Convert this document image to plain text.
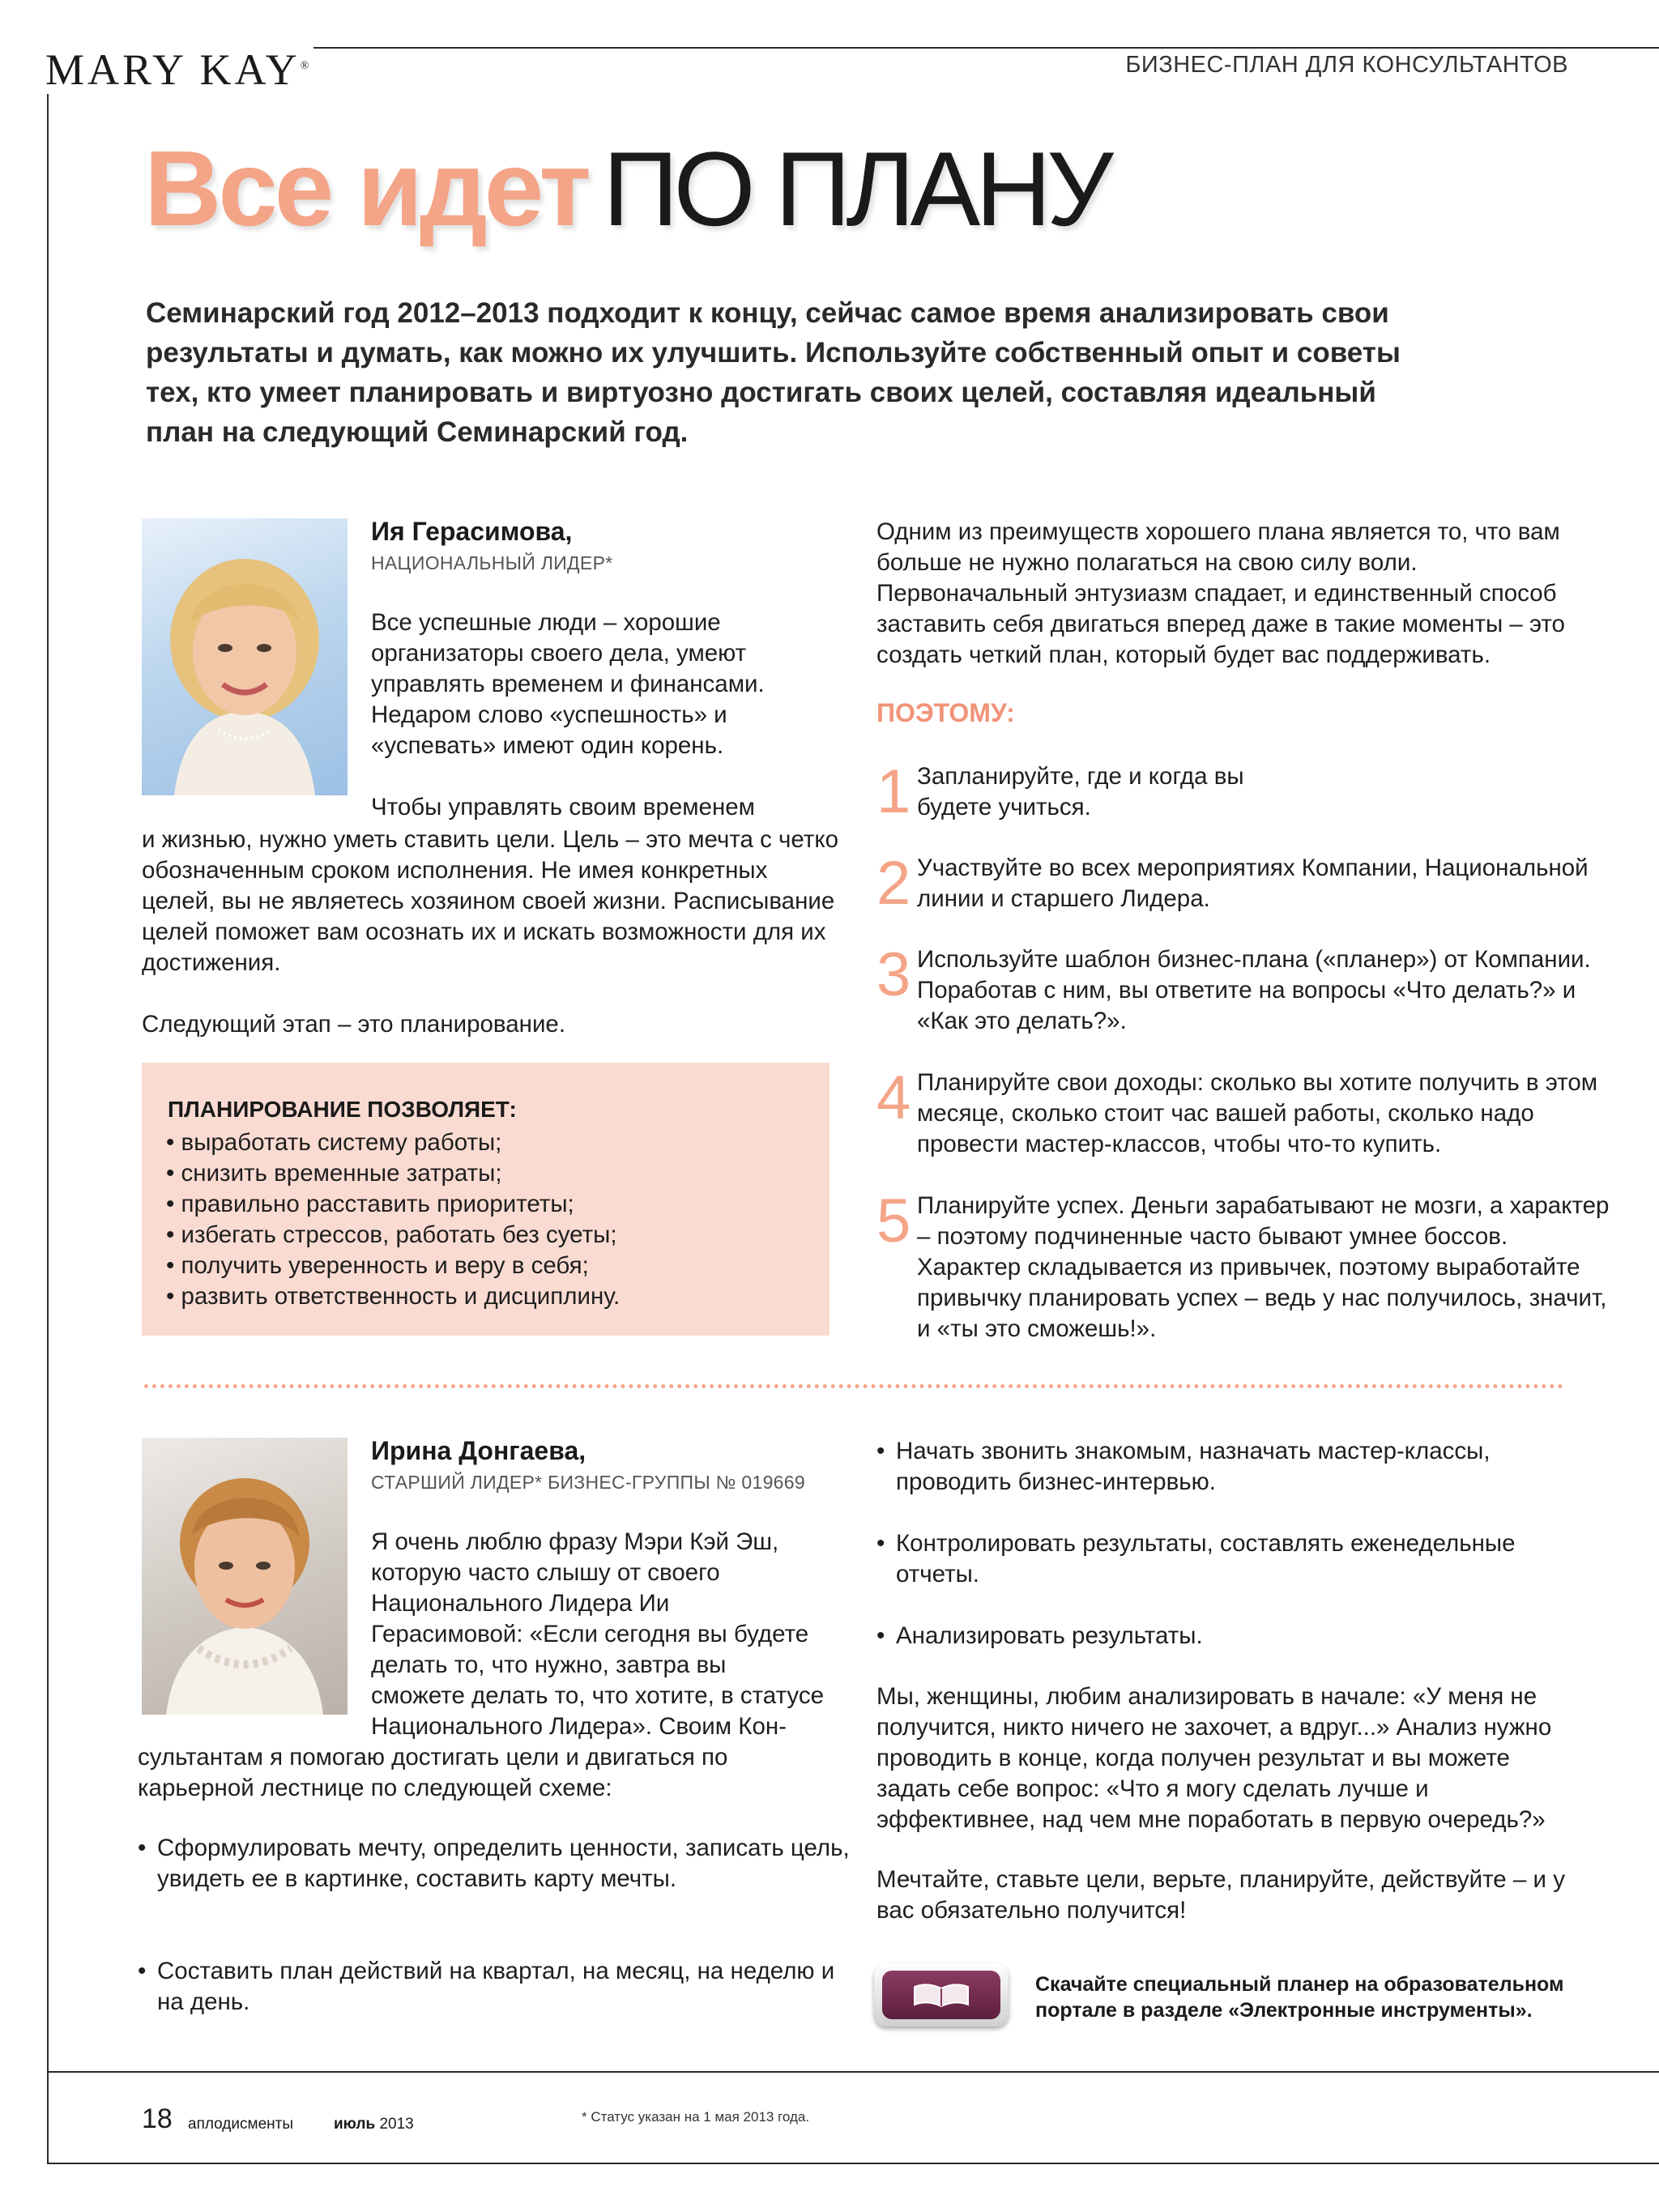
MARY KAY®	БИЗНЕС-ПЛАН ДЛЯ КОНСУЛЬТАНТОВ
Все идет ПО ПЛАНУ
Семинарский год 2012–2013 подходит к концу, сейчас самое время анализировать свои результаты и думать, как можно их улучшить. Используйте собственный опыт и советы тех, кто умеет планировать и виртуозно достигать своих целей, составляя идеальный план на следующий Семинарский год.
Ия Герасимова,
НАЦИОНАЛЬНЫЙ ЛИДЕР*

Все успешные люди – хорошие организаторы своего дела, умеют управлять временем и финансами. Недаром слово «успешность» и «успевать» имеют один корень.

Чтобы управлять своим временем

и жизнью, нужно уметь ставить цели. Цель – это мечта с четко обозначенным сроком исполнения. Не имея конкретных целей, вы не являетесь хозяином своей жизни. Расписывание целей поможет вам осознать их и искать возможности для их достижения.

Следующий этап – это планирование.

ПЛАНИРОВАНИЕ ПОЗВОЛЯЕТ:
• выработать систему работы;
• снизить временные затраты;
• правильно расставить приоритеты;
• избегать стрессов, работать без суеты;
• получить уверенность и веру в себя;
• развить ответственность и дисциплину.

Одним из преимуществ хорошего плана является то, что вам больше не нужно полагаться на свою силу воли. Первоначальный энтузиазм спадает, и единственный способ заставить себя двигаться вперед даже в такие моменты – это создать четкий план, который будет вас поддерживать.

ПОЭТОМУ:
1 Запланируйте, где и когда вы будете учиться.

2 Участвуйте во всех мероприятиях Компании, Национальной линии и старшего Лидера.

3 Используйте шаблон бизнес-плана («планер») от Компании. Поработав с ним, вы ответите на вопросы «Что делать?» и «Как это делать?».

4 Планируйте свои доходы: сколько вы хотите получить в этом месяце, сколько стоит час вашей работы, сколько надо провести мастер-классов, чтобы что-то купить.

5 Планируйте успех. Деньги зарабатывают не мозги, а характер – поэтому подчиненные часто бывают умнее боссов. Характер складывается из привычек, поэтому выработайте привычку планировать успех – ведь у нас получилось, значит, и «ты это сможешь!».

Ирина Донгаева,
СТАРШИЙ ЛИДЕР* БИЗНЕС-ГРУППЫ № 019669

Я очень люблю фразу Мэри Кэй Эш, которую часто слышу от своего Национального Лидера Ии Герасимовой: «Если сегодня вы будете делать то, что нужно, завтра вы сможете делать то, что хотите, в статусе Национального Лидера». Своим Кон-

сультантам я помогаю достигать цели и двигаться по карьерной лестнице по следующей схеме:

• Сформулировать мечту, определить ценности, записать цель, увидеть ее в картинке, составить карту мечты.

• Составить план действий на квартал, на месяц, на неделю и на день.

• Начать звонить знакомым, назначать мастер-классы, проводить бизнес-интервью.

• Контролировать результаты, составлять еженедельные отчеты.

• Анализировать результаты.

Мы, женщины, любим анализировать в начале: «У меня не получится, никто ничего не захочет, а вдруг...» Анализ нужно проводить в конце, когда получен результат и вы можете задать себе вопрос: «Что я могу сделать лучше и эффективнее, над чем мне поработать в первую очередь?»

Мечтайте, ставьте цели, верьте, планируйте, действуйте – и у вас обязательно получится!

Скачайте специальный планер на образовательном портале в разделе «Электронные инструменты».
18 аплодисменты	июль 2013	* Статус указан на 1 мая 2013 года.
